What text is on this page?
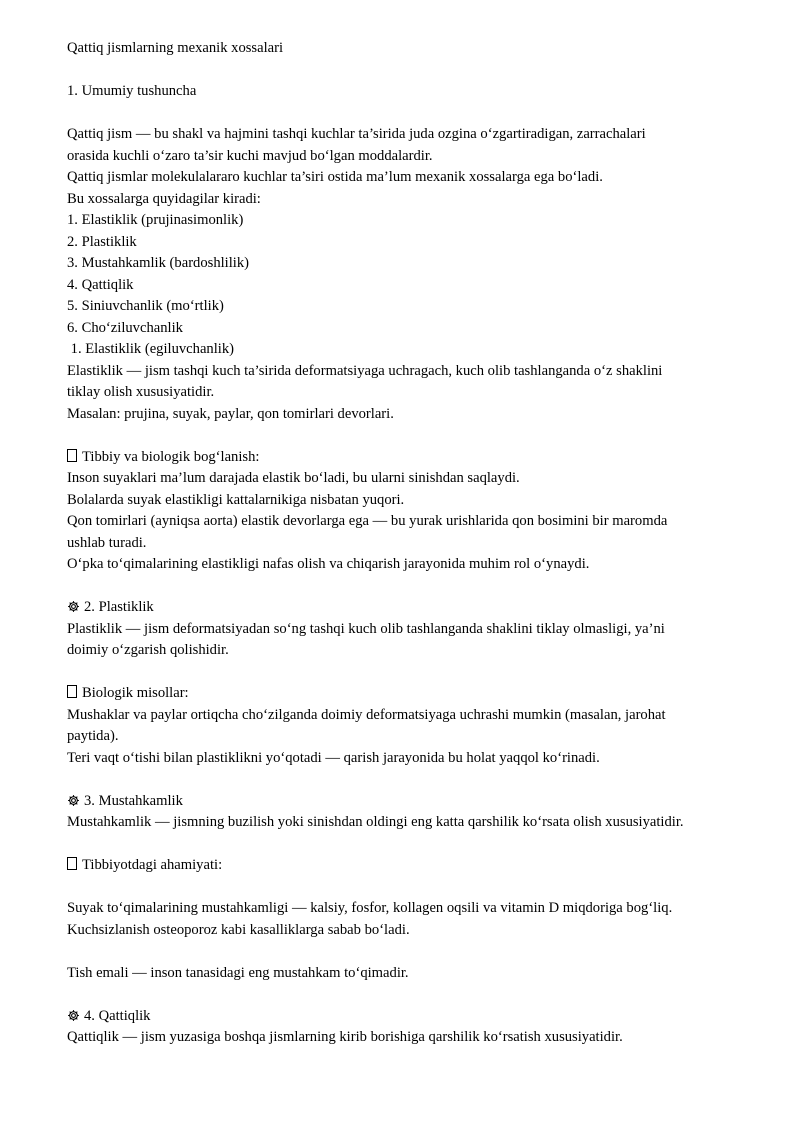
Qattiq jismlarning mexanik xossalari

1. Umumiy tushuncha

Qattiq jism — bu shakl va hajmini tashqi kuchlar ta’sirida juda ozgina o‘zgartiradigan, zarrachalari

orasida kuchli o‘zaro ta’sir kuchi mavjud bo‘lgan moddalardir.

Qattiq jismlar molekulalararo kuchlar ta’siri ostida ma’lum mexanik xossalarga ega bo‘ladi.

Bu xossalarga quyidagilar kiradi:

1. Elastiklik (prujinasimonlik)

2. Plastiklik

3. Mustahkamlik (bardoshlilik)

4. Qattiqlik

5. Siniuvchanlik (mo‘rtlik)

6. Cho‘ziluvchanlik

1. Elastiklik (egiluvchanlik)

Elastiklik — jism tashqi kuch ta’sirida deformatsiyaga uchragach, kuch olib tashlanganda o‘z shaklini

tiklay olish xususiyatidir.

Masalan: prujina, suyak, paylar, qon tomirlari devorlari.

Tibbiy va biologik bog‘lanish:

Inson suyaklari ma’lum darajada elastik bo‘ladi, bu ularni sinishdan saqlaydi.

Bolalarda suyak elastikligi kattalarnikiga nisbatan yuqori.

Qon tomirlari (ayniqsa aorta) elastik devorlarga ega — bu yurak urishlarida qon bosimini bir maromda

ushlab turadi.

O‘pka to‘qimalarining elastikligi nafas olish va chiqarish jarayonida muhim rol o‘ynaydi.

2. Plastiklik

Plastiklik — jism deformatsiyadan so‘ng tashqi kuch olib tashlanganda shaklini tiklay olmasligi, ya’ni

doimiy o‘zgarish qolishidir.

Biologik misollar:

Mushaklar va paylar ortiqcha cho‘zilganda doimiy deformatsiyaga uchrashi mumkin (masalan, jarohat

paytida).

Teri vaqt o‘tishi bilan plastiklikni yo‘qotadi — qarish jarayonida bu holat yaqqol ko‘rinadi.

3. Mustahkamlik

Mustahkamlik — jismning buzilish yoki sinishdan oldingi eng katta qarshilik ko‘rsata olish xususiyatidir.

Tibbiyotdagi ahamiyati:

Suyak to‘qimalarining mustahkamligi — kalsiy, fosfor, kollagen oqsili va vitamin D miqdoriga bog‘liq.

Kuchsizlanish osteoporoz kabi kasalliklarga sabab bo‘ladi.

Tish emali — inson tanasidagi eng mustahkam to‘qimadir.

4. Qattiqlik

Qattiqlik — jism yuzasiga boshqa jismlarning kirib borishiga qarshilik ko‘rsatish xususiyatidir.
